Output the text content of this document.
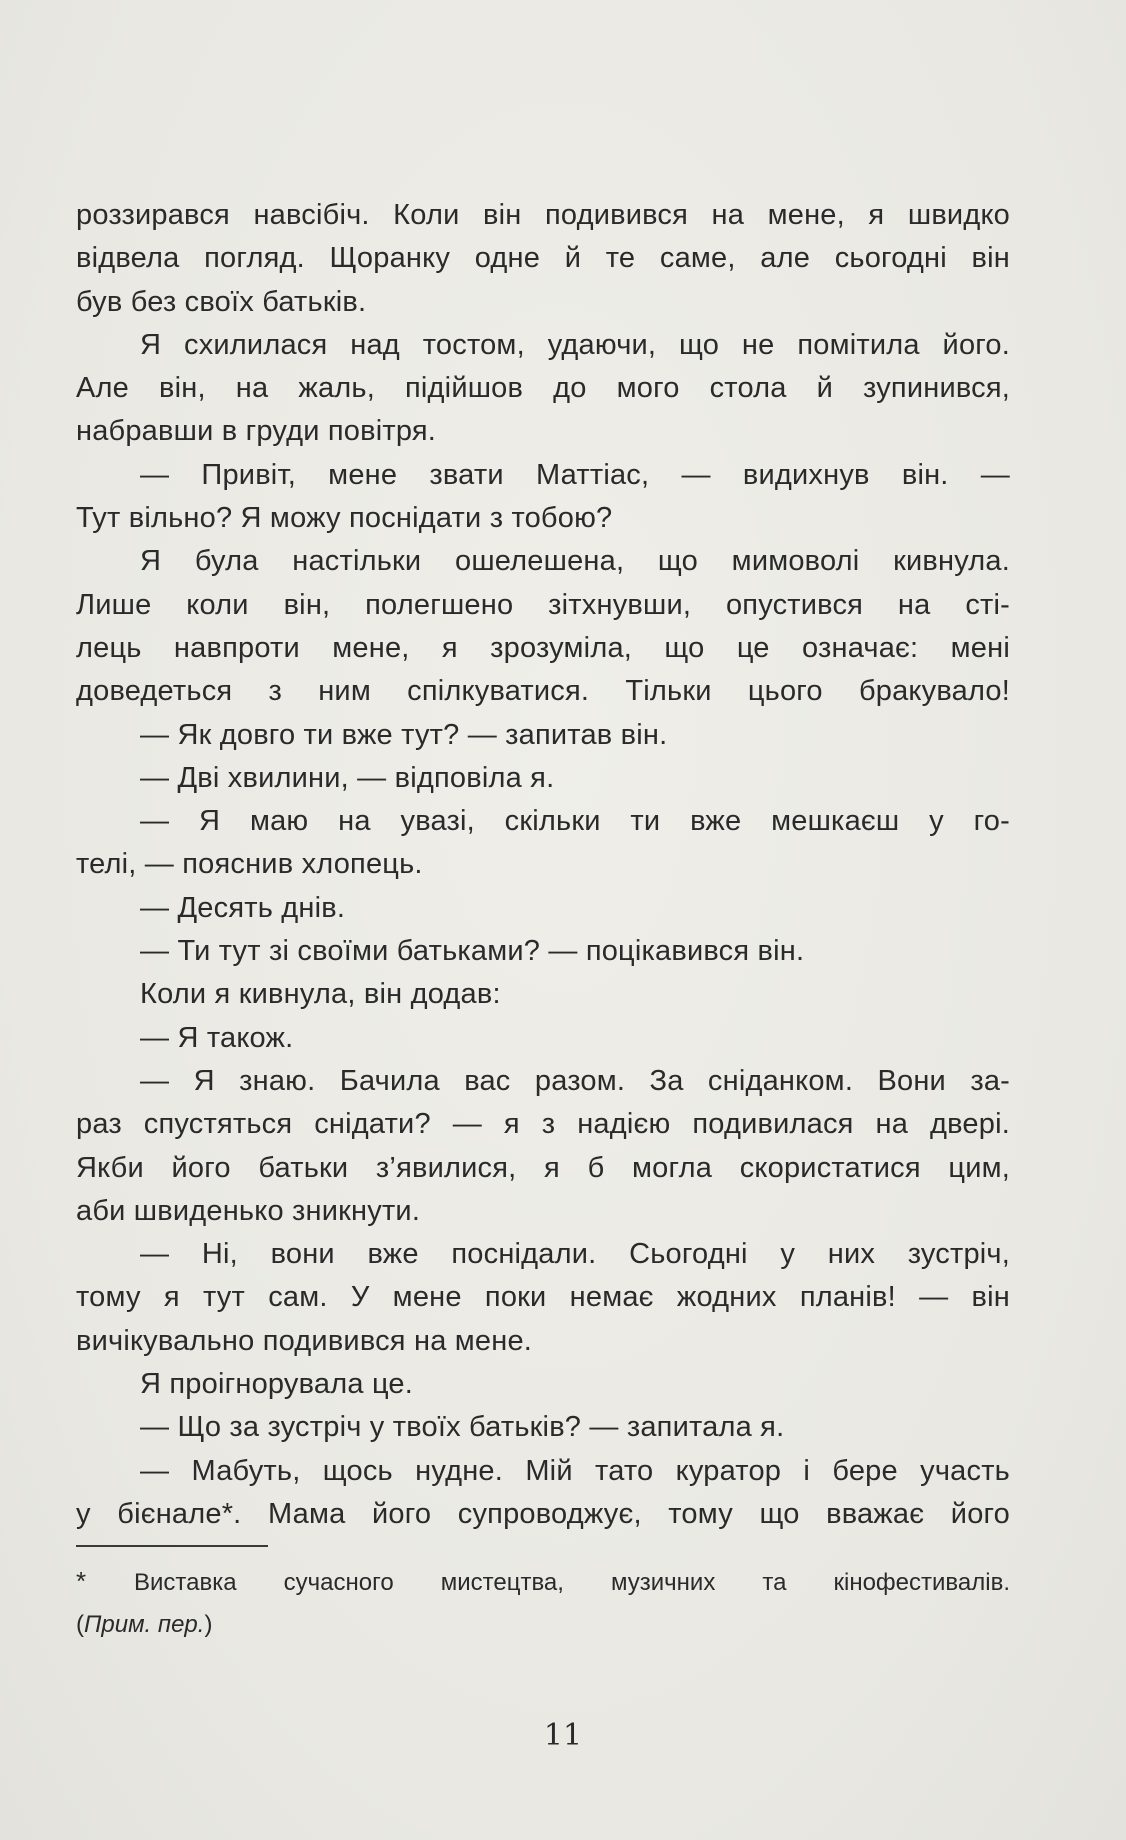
роззирався навсібіч. Коли він подивився на мене, я швидко
відвела погляд. Щоранку одне й те саме, але сьогодні він
був без своїх батьків.
Я схилилася над тостом, удаючи, що не помітила його.
Але він, на жаль, підійшов до мого стола й зупинився,
набравши в груди повітря.
— Привіт, мене звати Маттіас, — видихнув він. —
Тут вільно? Я можу поснідати з тобою?
Я була настільки ошелешена, що мимоволі кивнула.
Лише коли він, полегшено зітхнувши, опустився на сті-
лець навпроти мене, я зрозуміла, що це означає: мені
доведеться з ним спілкуватися. Тільки цього бракувало!
— Як довго ти вже тут? — запитав він.
— Дві хвилини, — відповіла я.
— Я маю на увазі, скільки ти вже мешкаєш у го-
телі, — пояснив хлопець.
— Десять днів.
— Ти тут зі своїми батьками? — поцікавився він.
Коли я кивнула, він додав:
— Я також.
— Я знаю. Бачила вас разом. За сніданком. Вони за-
раз спустяться снідати? — я з надією подивилася на двері.
Якби його батьки з’явилися, я б могла скористатися цим,
аби швиденько зникнути.
— Ні, вони вже поснідали. Сьогодні у них зустріч,
тому я тут сам. У мене поки немає жодних планів! — він
вичікувально подивився на мене.
Я проігнорувала це.
— Що за зустріч у твоїх батьків? — запитала я.
— Мабуть, щось нудне. Мій тато куратор і бере участь
у бієнале*. Мама його супроводжує, тому що вважає його
*	Виставка сучасного мистецтва, музичних та кінофестивалів.
(Прим. пер.)
11
